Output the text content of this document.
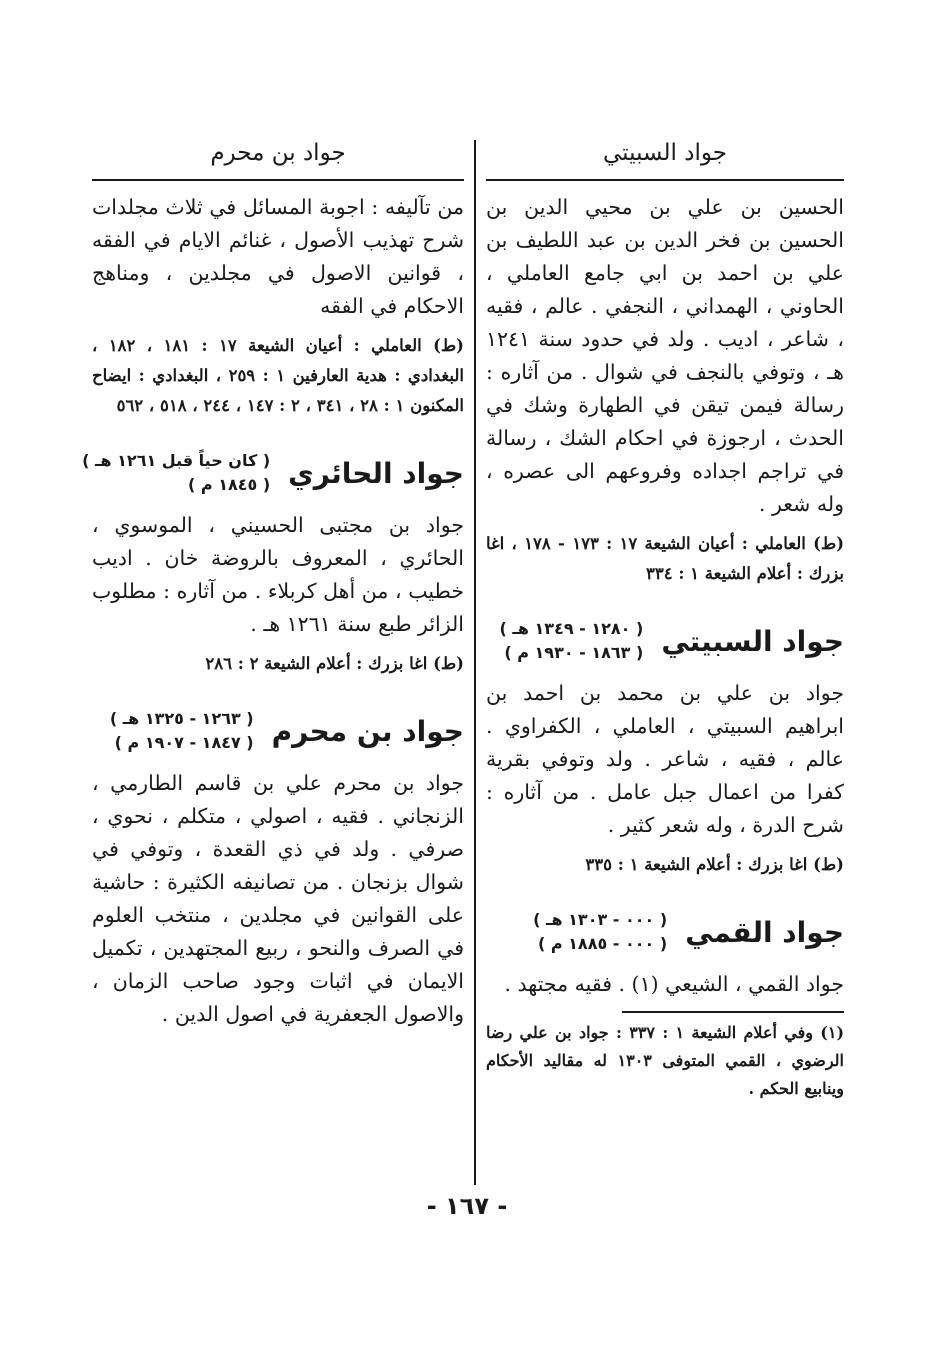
جواد السبيتي

الحسين بن علي بن محيي الدين بن الحسين بن فخر الدين بن عبد اللطيف بن علي بن احمد بن ابي جامع العاملي ، الحاوني ، الهمداني ، النجفي . عالم ، فقيه ، شاعر ، اديب . ولد في حدود سنة ١٢٤١ هـ ، وتوفي بالنجف في شوال . من آثاره : رسالة فيمن تيقن في الطهارة وشك في الحدث ، ارجوزة في احكام الشك ، رسالة في تراجم اجداده وفروعهم الى عصره ، وله شعر .

(ط) العاملي : أعيان الشيعة ١٧ : ١٧٣ - ١٧٨ ، اغا بزرك : أعلام الشيعة ١ : ٣٣٤

جواد السبيتي
( ١٢٨٠ - ١٣٤٩ هـ )
( ١٨٦٣ - ١٩٣٠ م )

جواد بن علي بن محمد بن احمد بن ابراهيم السبيتي ، العاملي ، الكفراوي . عالم ، فقيه ، شاعر . ولد وتوفي بقرية كفرا من اعمال جبل عامل . من آثاره : شرح الدرة ، وله شعر كثير .

(ط) اغا بزرك : أعلام الشيعة ١ : ٣٣٥

جواد القمي
( ٠٠٠ - ١٣٠٣ هـ )
( ٠٠٠ - ١٨٨٥ م )

جواد القمي ، الشيعي (١) . فقيه مجتهد .

(١) وفي أعلام الشيعة ١ : ٣٣٧ : جواد بن علي رضا الرضوي ، القمي المتوفى ١٣٠٣ له مقاليد الأحكام وينابيع الحكم .

جواد بن محرم

من تآليفه : اجوبة المسائل في ثلاث مجلدات شرح تهذيب الأصول ، غنائم الايام في الفقه ، قوانين الاصول في مجلدين ، ومناهج الاحكام في الفقه

(ط) العاملي : أعيان الشيعة ١٧ : ١٨١ ، ١٨٢ ، البغدادي : هدية العارفين ١ : ٢٥٩ ، البغدادي : ايضاح المكنون ١ : ٢٨ ، ٣٤١ ، ٢ : ١٤٧ ، ٢٤٤ ، ٥١٨ ، ٥٦٢

جواد الحائري
( كان حياً قبل ١٢٦١ هـ )
( ١٨٤٥ م )

جواد بن مجتبى الحسيني ، الموسوي ، الحائري ، المعروف بالروضة خان . اديب خطيب ، من أهل كربلاء . من آثاره : مطلوب الزائر طبع سنة ١٢٦١ هـ .

(ط) اغا بزرك : أعلام الشيعة ٢ : ٢٨٦

جواد بن محرم
( ١٢٦٣ - ١٣٢٥ هـ )
( ١٨٤٧ - ١٩٠٧ م )

جواد بن محرم علي بن قاسم الطارمي ، الزنجاني . فقيه ، اصولي ، متكلم ، نحوي ، صرفي . ولد في ذي القعدة ، وتوفي في شوال بزنجان . من تصانيفه الكثيرة : حاشية على القوانين في مجلدين ، منتخب العلوم في الصرف والنحو ، ربيع المجتهدين ، تكميل الايمان في اثبات وجود صاحب الزمان ، والاصول الجعفرية في اصول الدين .

- ١٦٧ -
